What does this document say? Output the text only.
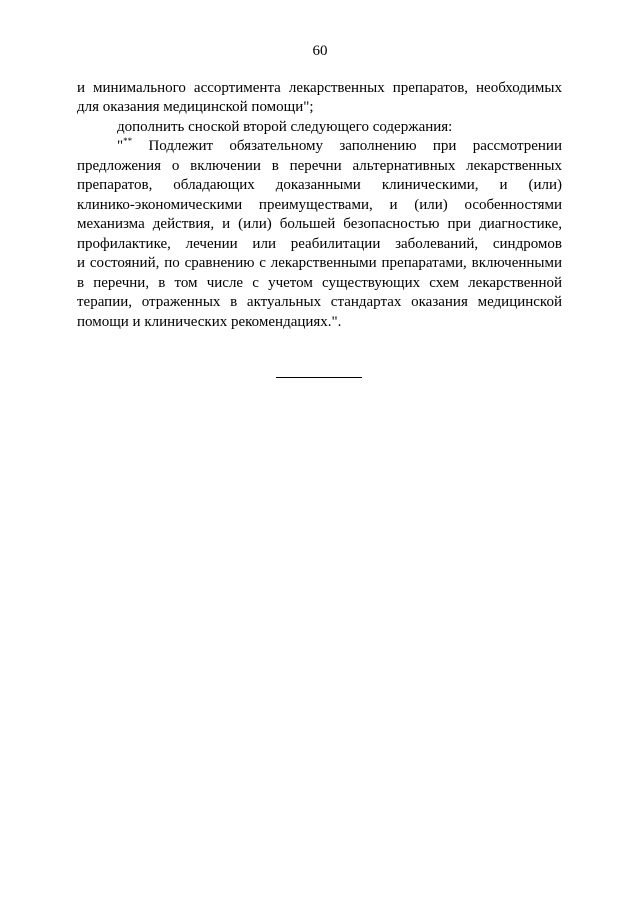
60
и минимального ассортимента лекарственных препаратов, необходимых
для оказания медицинской помощи";
дополнить сноской второй следующего содержания:
"** Подлежит обязательному заполнению при рассмотрении
предложения о включении в перечни альтернативных лекарственных
препаратов, обладающих доказанными клиническими, и (или)
клинико-экономическими преимуществами, и (или) особенностями
механизма действия, и (или) большей безопасностью при диагностике,
профилактике, лечении или реабилитации заболеваний, синдромов
и состояний, по сравнению с лекарственными препаратами, включенными
в перечни, в том числе с учетом существующих схем лекарственной
терапии, отраженных в актуальных стандартах оказания медицинской
помощи и клинических рекомендациях.".
